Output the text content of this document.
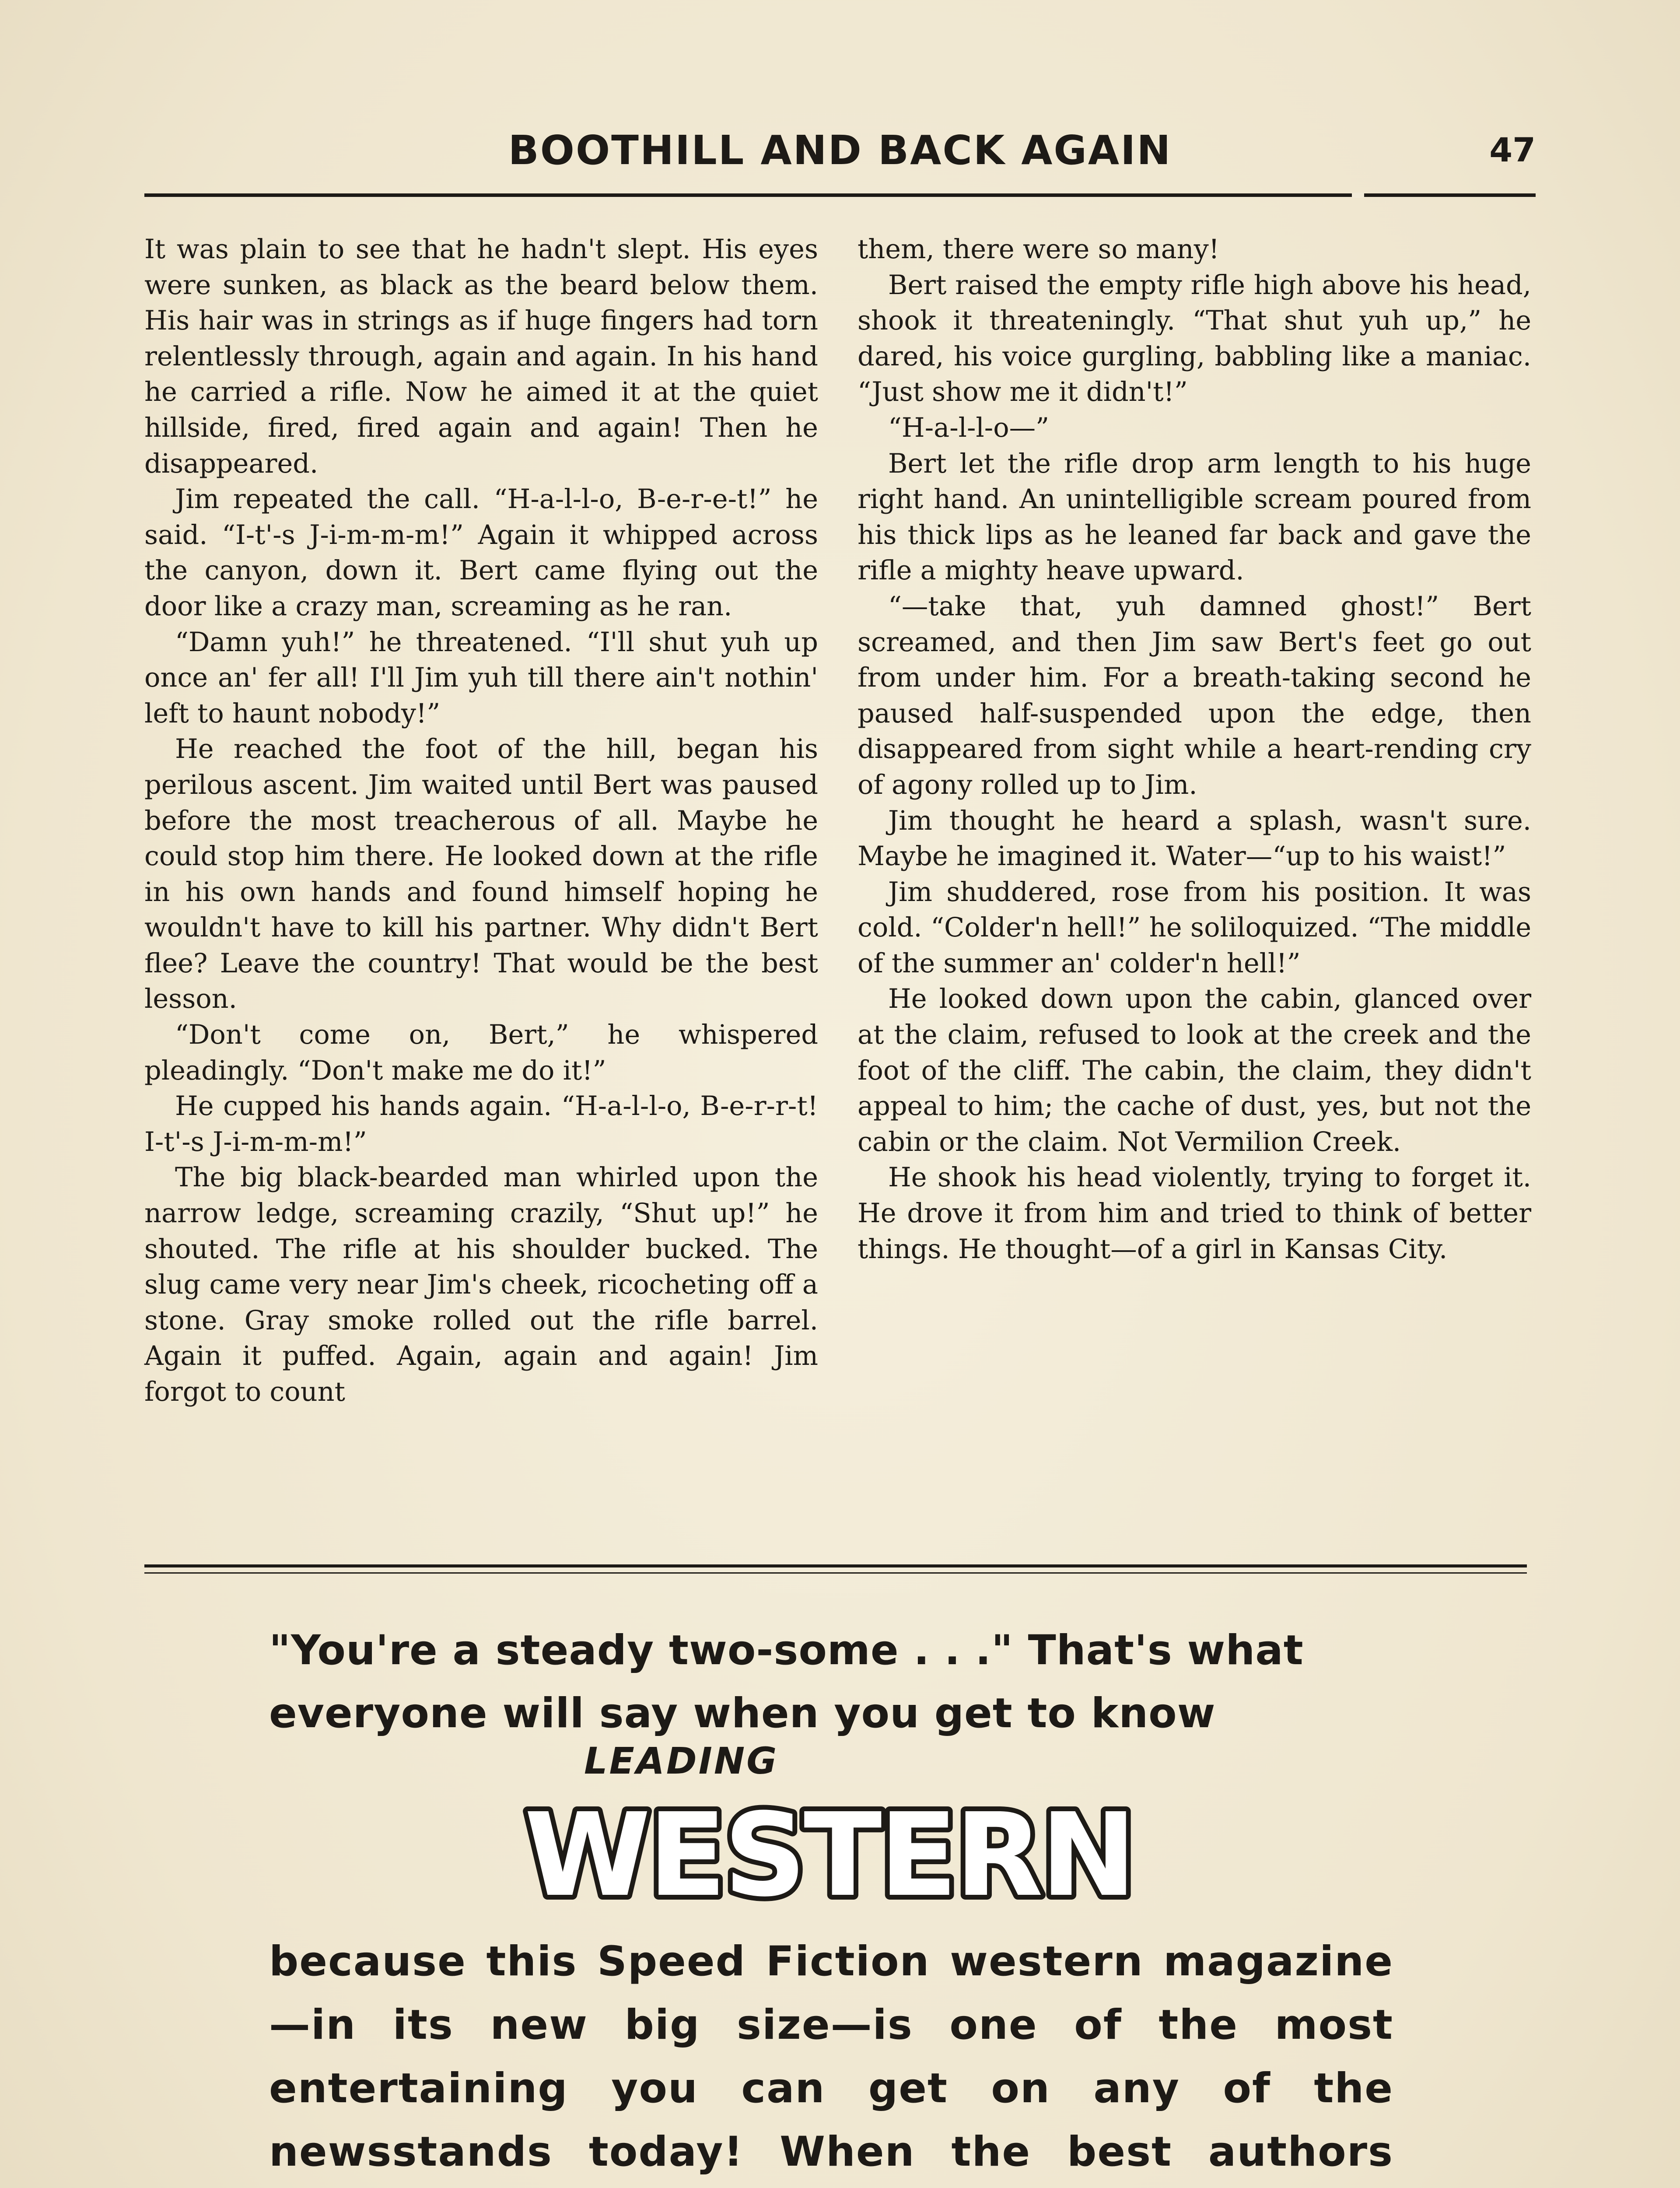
BOOTHILL AND BACK AGAIN	47

It was plain to see that he hadn't slept. His eyes were sunken, as black as the beard below them. His hair was in strings as if huge fingers had torn relentlessly through, again and again. In his hand he carried a rifle. Now he aimed it at the quiet hillside, fired, fired again and again! Then he disappeared.

Jim repeated the call. “H-a-l-l-o, B-e-r-e-t!” he said. “I-t'-s J-i-m-m-m!” Again it whipped across the canyon, down it. Bert came flying out the door like a crazy man, screaming as he ran.

“Damn yuh!” he threatened. “I'll shut yuh up once an' fer all! I'll Jim yuh till there ain't nothin' left to haunt nobody!”

He reached the foot of the hill, began his perilous ascent. Jim waited until Bert was paused before the most treacherous of all. Maybe he could stop him there. He looked down at the rifle in his own hands and found himself hoping he wouldn't have to kill his partner. Why didn't Bert flee? Leave the country! That would be the best lesson.

“Don't come on, Bert,” he whispered pleadingly. “Don't make me do it!”

He cupped his hands again. “H-a-l-l-o, B-e-r-r-t! I-t'-s J-i-m-m-m!”

The big black-bearded man whirled upon the narrow ledge, screaming crazily, “Shut up!” he shouted. The rifle at his shoulder bucked. The slug came very near Jim's cheek, ricocheting off a stone. Gray smoke rolled out the rifle barrel. Again it puffed. Again, again and again! Jim forgot to count

them, there were so many!

Bert raised the empty rifle high above his head, shook it threateningly. “That shut yuh up,” he dared, his voice gurgling, babbling like a maniac. “Just show me it didn't!”

“H-a-l-l-o—”

Bert let the rifle drop arm length to his huge right hand. An unintelligible scream poured from his thick lips as he leaned far back and gave the rifle a mighty heave upward.

“—take that, yuh damned ghost!” Bert screamed, and then Jim saw Bert's feet go out from under him. For a breath-taking second he paused half-suspended upon the edge, then disappeared from sight while a heart-rending cry of agony rolled up to Jim.

Jim thought he heard a splash, wasn't sure. Maybe he imagined it. Water—“up to his waist!”

Jim shuddered, rose from his position. It was cold. “Colder'n hell!” he soliloquized. “The middle of the summer an' colder'n hell!”

He looked down upon the cabin, glanced over at the claim, refused to look at the creek and the foot of the cliff. The cabin, the claim, they didn't appeal to him; the cache of dust, yes, but not the cabin or the claim. Not Vermilion Creek.

He shook his head violently, trying to forget it. He drove it from him and tried to think of better things. He thought—of a girl in Kansas City.

"You're a steady two-some . . ." That's what everyone will say when you get to know
LEADING
WESTERN
because this Speed Fiction western magazine—in its new big size—is one of the most entertaining you can get on any of the newsstands today! When the best authors
